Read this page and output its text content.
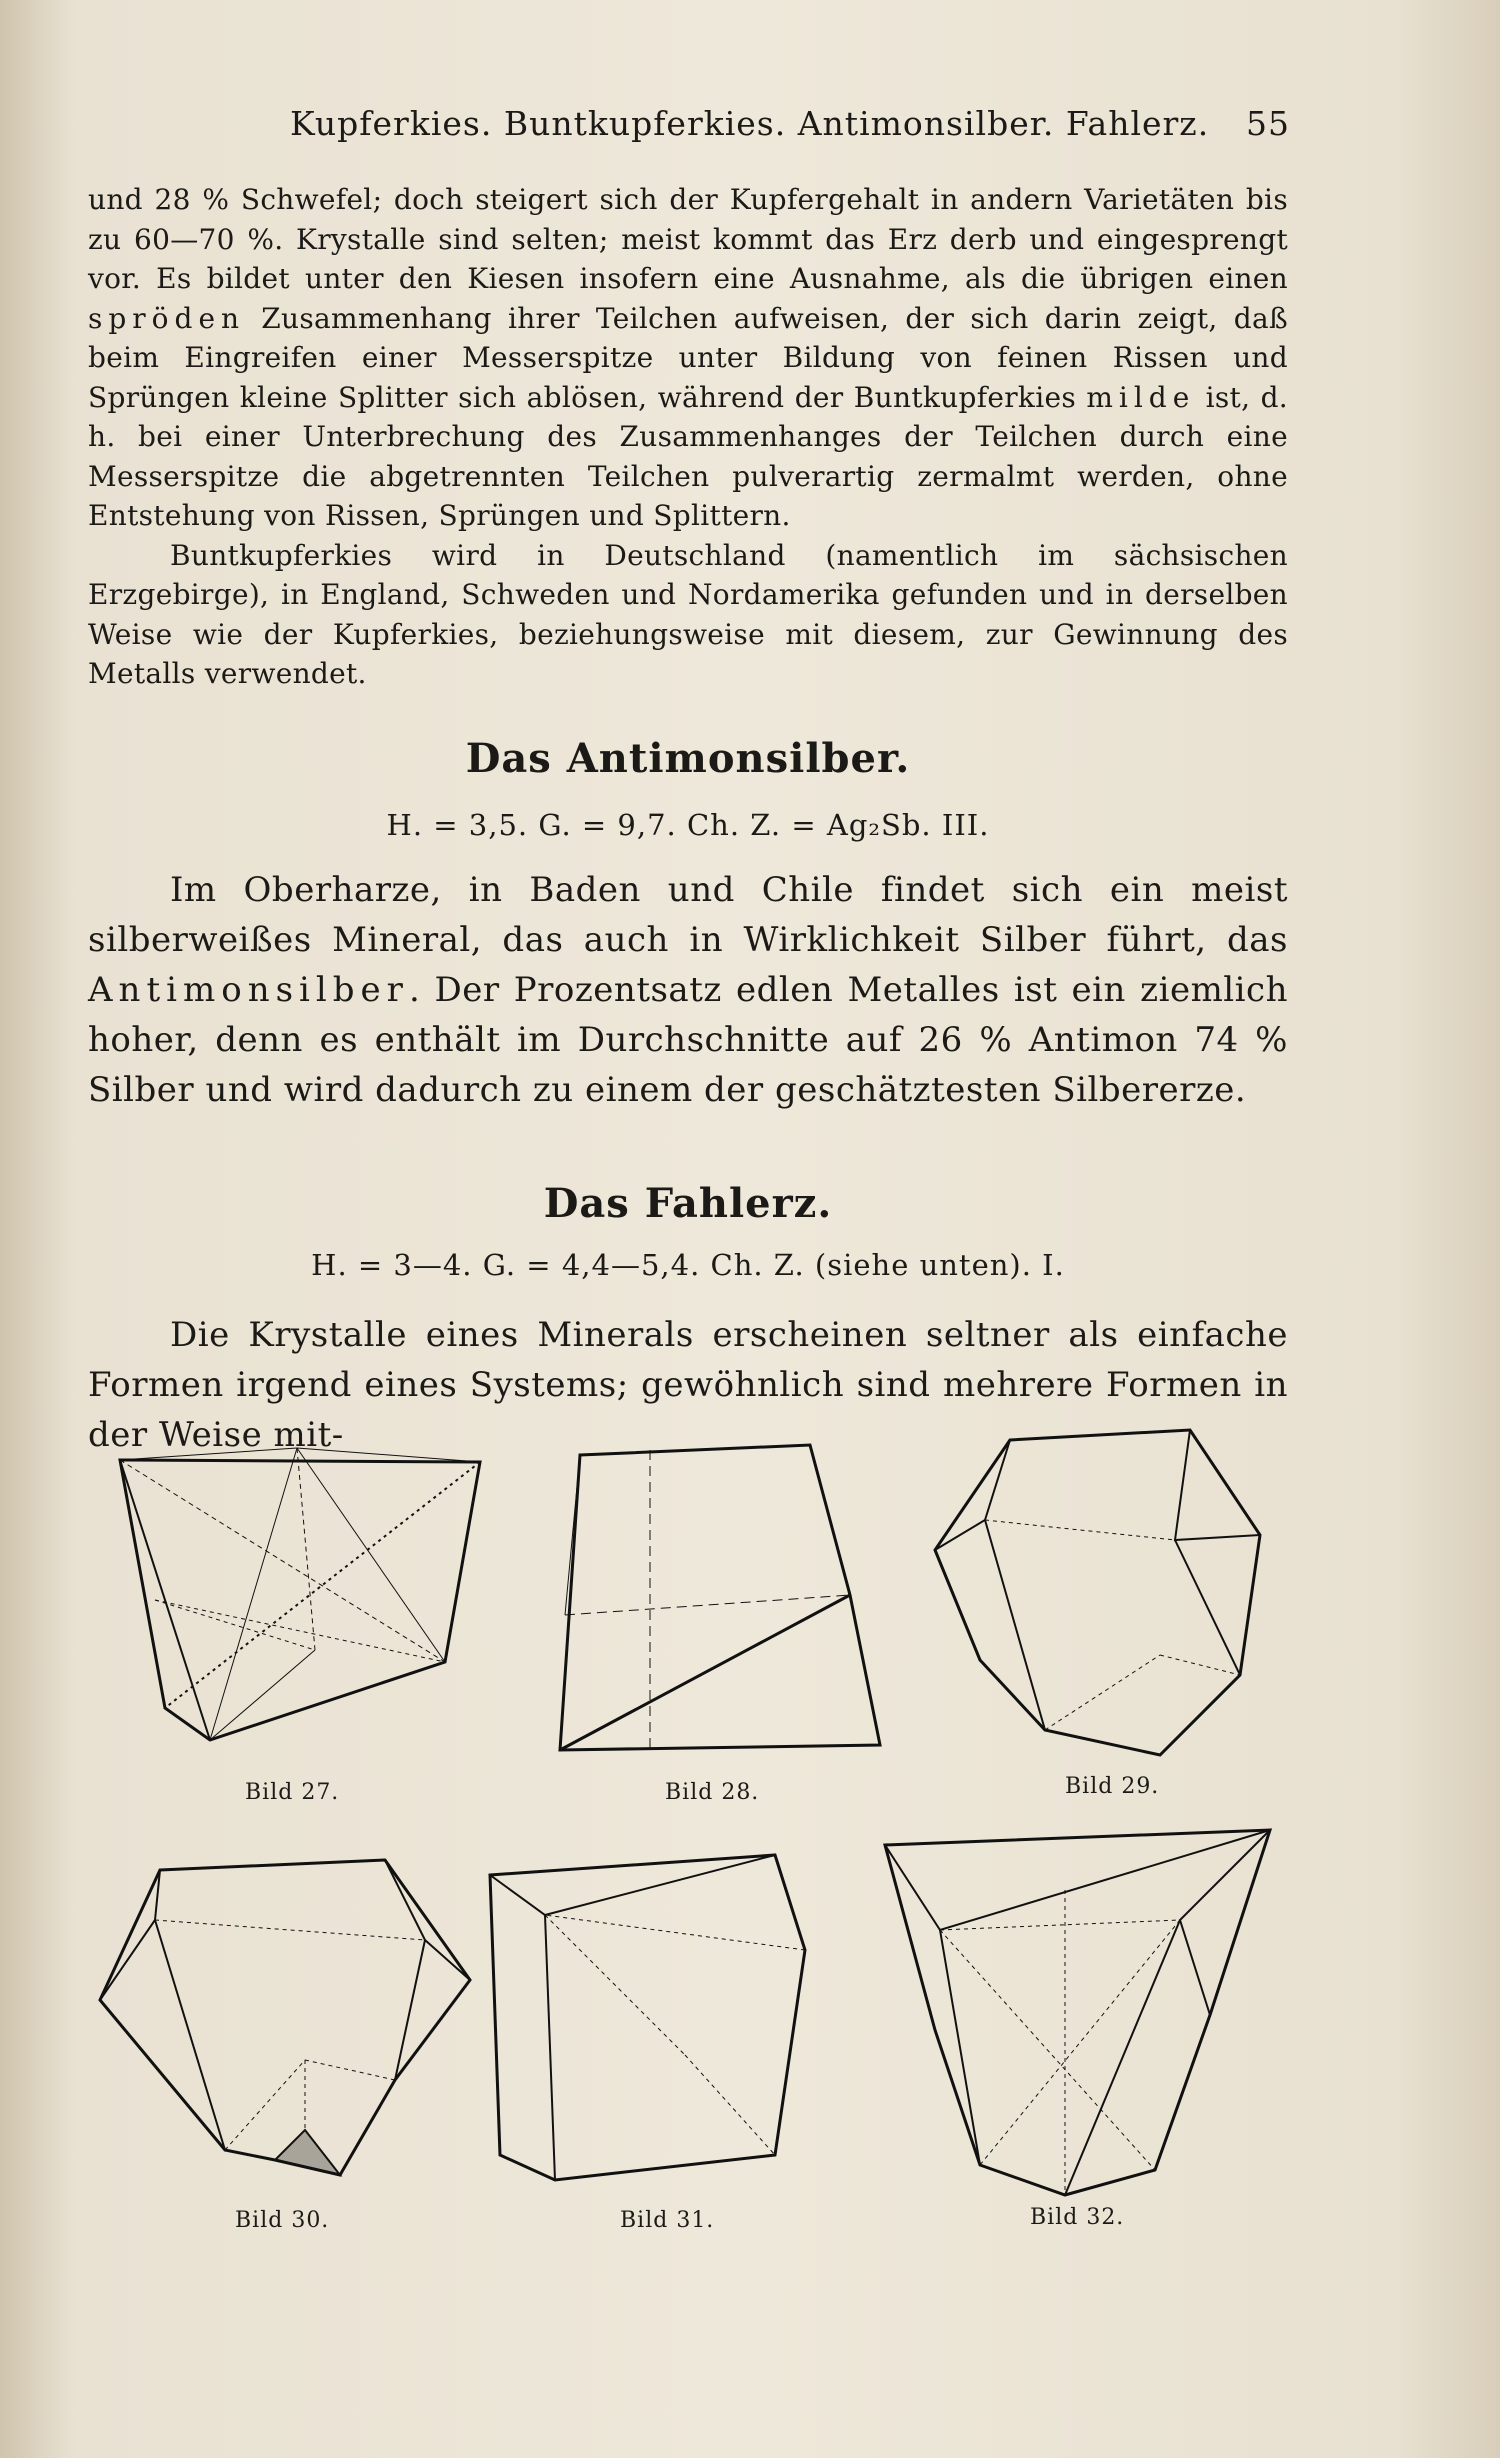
Kupferkies. Buntkupferkies. Antimonsilber. Fahlerz. 55

und 28 % Schwefel; doch steigert sich der Kupfergehalt in andern Varietäten bis zu 60—70 %. Krystalle sind selten; meist kommt das Erz derb und eingesprengt vor. Es bildet unter den Kiesen insofern eine Ausnahme, als die übrigen einen spröden Zusammenhang ihrer Teilchen aufweisen, der sich darin zeigt, daß beim Eingreifen einer Messerspitze unter Bildung von feinen Rissen und Sprüngen kleine Splitter sich ablösen, während der Buntkupferkies milde ist, d. h. bei einer Unterbrechung des Zusammenhanges der Teilchen durch eine Messerspitze die abgetrennten Teilchen pulverartig zermalmt werden, ohne Entstehung von Rissen, Sprüngen und Splittern.

Buntkupferkies wird in Deutschland (namentlich im sächsischen Erzgebirge), in England, Schweden und Nordamerika gefunden und in derselben Weise wie der Kupferkies, beziehungsweise mit diesem, zur Gewinnung des Metalls verwendet.

Das Antimonsilber.
H. = 3,5. G. = 9,7. Ch. Z. = Ag₂Sb. III.

Im Oberharze, in Baden und Chile findet sich ein meist silberweißes Mineral, das auch in Wirklichkeit Silber führt, das Antimonsilber. Der Prozentsatz edlen Metalles ist ein ziemlich hoher, denn es enthält im Durchschnitte auf 26 % Antimon 74 % Silber und wird dadurch zu einem der geschätztesten Silbererze.

Das Fahlerz.
H. = 3—4. G. = 4,4—5,4. Ch. Z. (siehe unten). I.

Die Krystalle eines Minerals erscheinen seltner als einfache Formen irgend eines Systems; gewöhnlich sind mehrere Formen in der Weise mit-

Bild 27.	Bild 28.	Bild 29.
Bild 30.	Bild 31.	Bild 32.
